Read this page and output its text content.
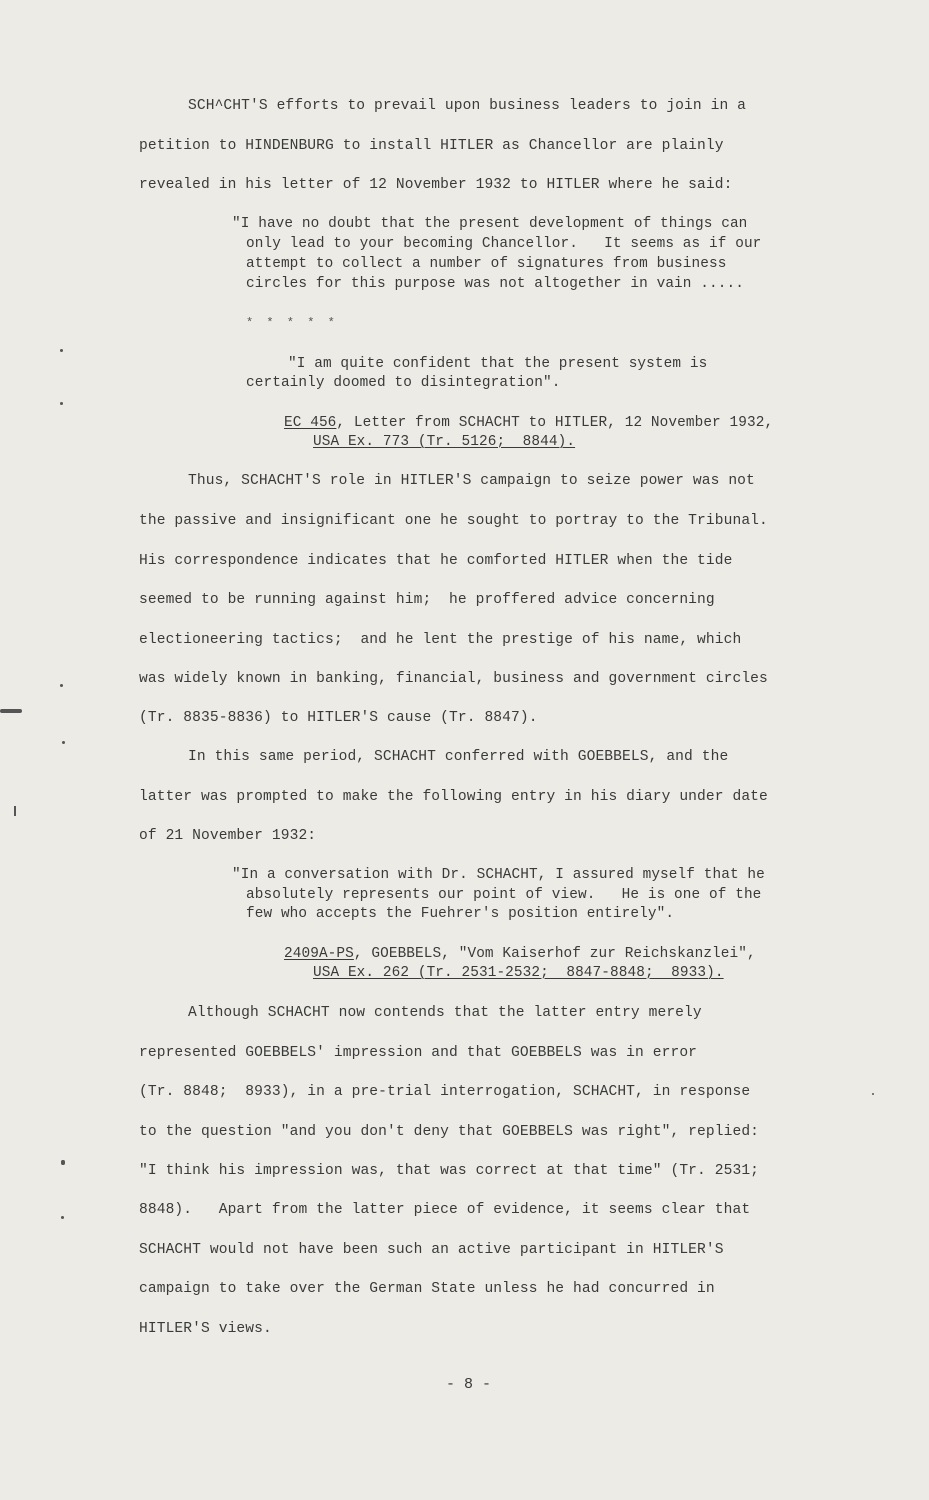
SCH^CHT'S efforts to prevail upon business leaders to join in a
petition to HINDENBURG to install HITLER as Chancellor are plainly
revealed in his letter of 12 November 1932 to HITLER where he said:
"I have no doubt that the present development of things can
only lead to your becoming Chancellor.   It seems as if our
attempt to collect a number of signatures from business
circles for this purpose was not altogether in vain .....
* * * * *
"I am quite confident that the present system is
certainly doomed to disintegration".
EC 456, Letter from SCHACHT to HITLER, 12 November 1932,
USA Ex. 773 (Tr. 5126;  8844).
Thus, SCHACHT'S role in HITLER'S campaign to seize power was not
the passive and insignificant one he sought to portray to the Tribunal.
His correspondence indicates that he comforted HITLER when the tide
seemed to be running against him;  he proffered advice concerning
electioneering tactics;  and he lent the prestige of his name, which
was widely known in banking, financial, business and government circles
(Tr. 8835-8836) to HITLER'S cause (Tr. 8847).
In this same period, SCHACHT conferred with GOEBBELS, and the
latter was prompted to make the following entry in his diary under date
of 21 November 1932:
"In a conversation with Dr. SCHACHT, I assured myself that he
absolutely represents our point of view.   He is one of the
few who accepts the Fuehrer's position entirely".
2409A-PS, GOEBBELS, "Vom Kaiserhof zur Reichskanzlei",
USA Ex. 262 (Tr. 2531-2532;  8847-8848;  8933).
Although SCHACHT now contends that the latter entry merely
represented GOEBBELS' impression and that GOEBBELS was in error
(Tr. 8848;  8933), in a pre-trial interrogation, SCHACHT, in response
to the question "and you don't deny that GOEBBELS was right", replied:
"I think his impression was, that was correct at that time" (Tr. 2531;
8848).   Apart from the latter piece of evidence, it seems clear that
SCHACHT would not have been such an active participant in HITLER'S
campaign to take over the German State unless he had concurred in
HITLER'S views.
- 8 -
